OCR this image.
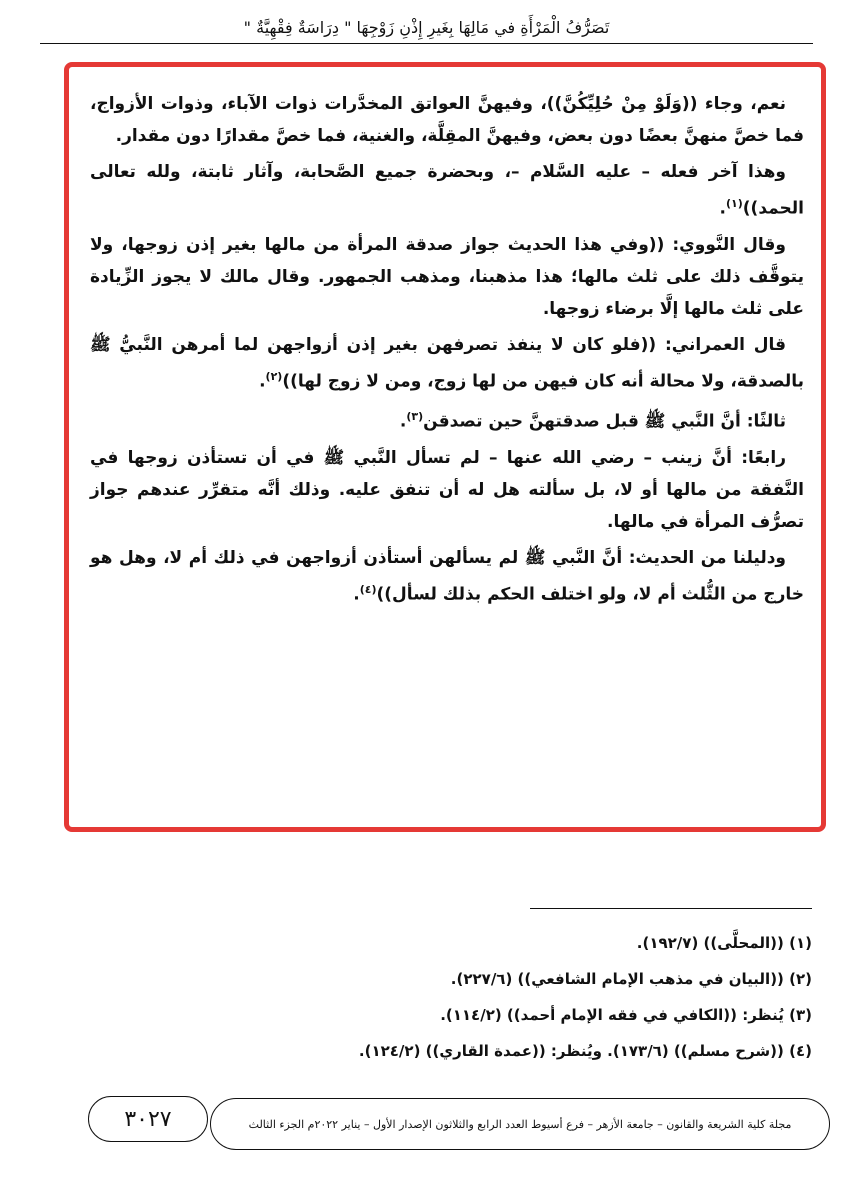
تَصَرُّفُ الْمَرْأَةِ في مَالِهَا بِغَيرِ إِذْنِ زَوْجِهَا " دِرَاسَةٌ فِقْهِيَّةٌ "

نعم، وجاء ((وَلَوْ مِنْ حُلِيِّكُنَّ))، وفيهنَّ العواتق المخدَّرات ذوات الآباء، وذوات الأزواج، فما خصَّ منهنَّ بعضًا دون بعض، وفيهنَّ المقِلَّة، والغنية، فما خصَّ مقدارًا دون مقدار.

وهذا آخر فعله – عليه السَّلام –، وبحضرة جميع الصَّحابة، وآثار ثابتة، ولله تعالى الحمد))$^{(١)}$.

وقال النَّووي: ((وفي هذا الحديث جواز صدقة المرأة من مالها بغير إذن زوجها، ولا يتوقَّف ذلك على ثلث مالها؛ هذا مذهبنا، ومذهب الجمهور. وقال مالك لا يجوز الزِّيادة على ثلث مالها إلَّا برضاء زوجها.

قال العمراني: ((فلو كان لا ينفذ تصرفهن بغير إذن أزواجهن لما أمرهن النَّبيُّ ﷺ بالصدقة، ولا محالة أنه كان فيهن من لها زوج، ومن لا زوج لها))$^{(٢)}$.

ثالثًا: أنَّ النَّبي ﷺ قبل صدقتهنَّ حين تصدقن$^{(٣)}$.

رابعًا: أنَّ زينب – رضي الله عنها – لم تسأل النَّبي ﷺ في أن تستأذن زوجها في النَّفقة من مالها أو لا، بل سألته هل له أن تنفق عليه. وذلك أنَّه متقرِّر عندهم جواز تصرُّف المرأة في مالها.

ودليلنا من الحديث: أنَّ النَّبي ﷺ لم يسألهن أستأذن أزواجهن في ذلك أم لا، وهل هو خارج من الثُّلث أم لا، ولو اختلف الحكم بذلك لسأل))$^{(٤)}$.

(١) ((المحلَّى)) (١٩٢/٧).
(٢) ((البيان في مذهب الإمام الشافعي)) (٢٢٧/٦).
(٣) يُنظر: ((الكافي في فقه الإمام أحمد)) (١١٤/٢).
(٤) ((شرح مسلم)) (١٧٣/٦). ويُنظر: ((عمدة القاري)) (١٢٤/٢).
٣٠٢٧	مجلة كلية الشريعة والقانون – جامعة الأزهر – فرع أسيوط العدد الرابع والثلاثون الإصدار الأول – يناير ٢٠٢٢م الجزء الثالث
